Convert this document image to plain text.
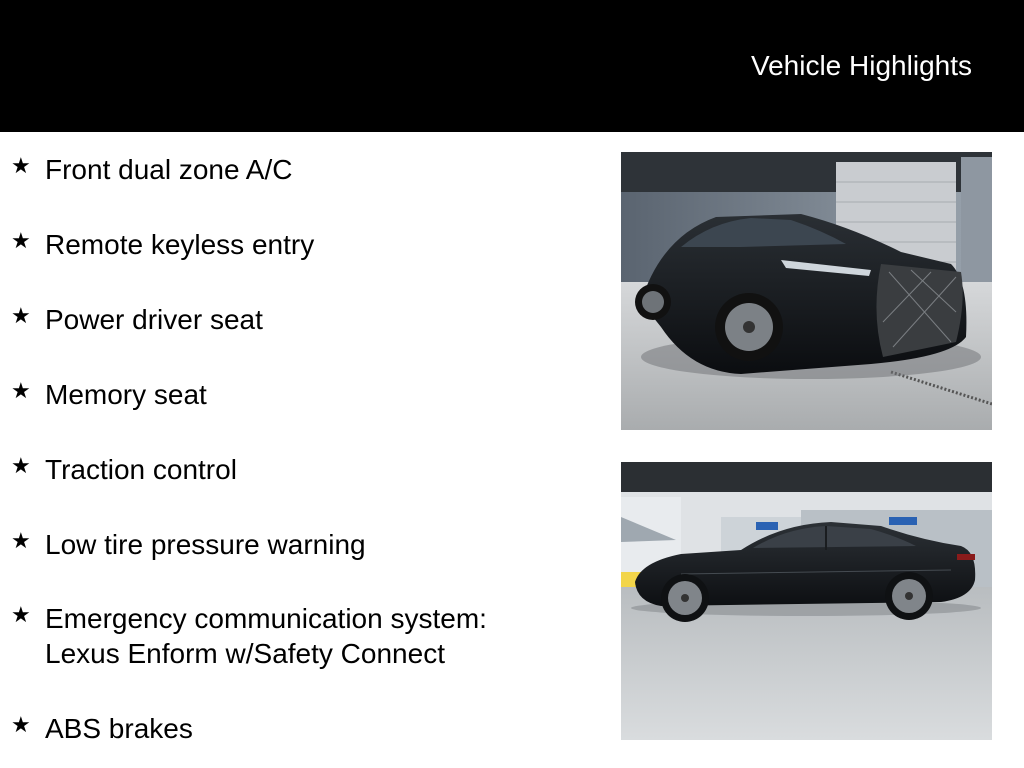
Vehicle Highlights
★ Front dual zone A/C
★ Remote keyless entry
★ Power driver seat
★ Memory seat
★ Traction control
★ Low tire pressure warning
★ Emergency communication system:
Lexus Enform w/Safety Connect
★ ABS brakes
